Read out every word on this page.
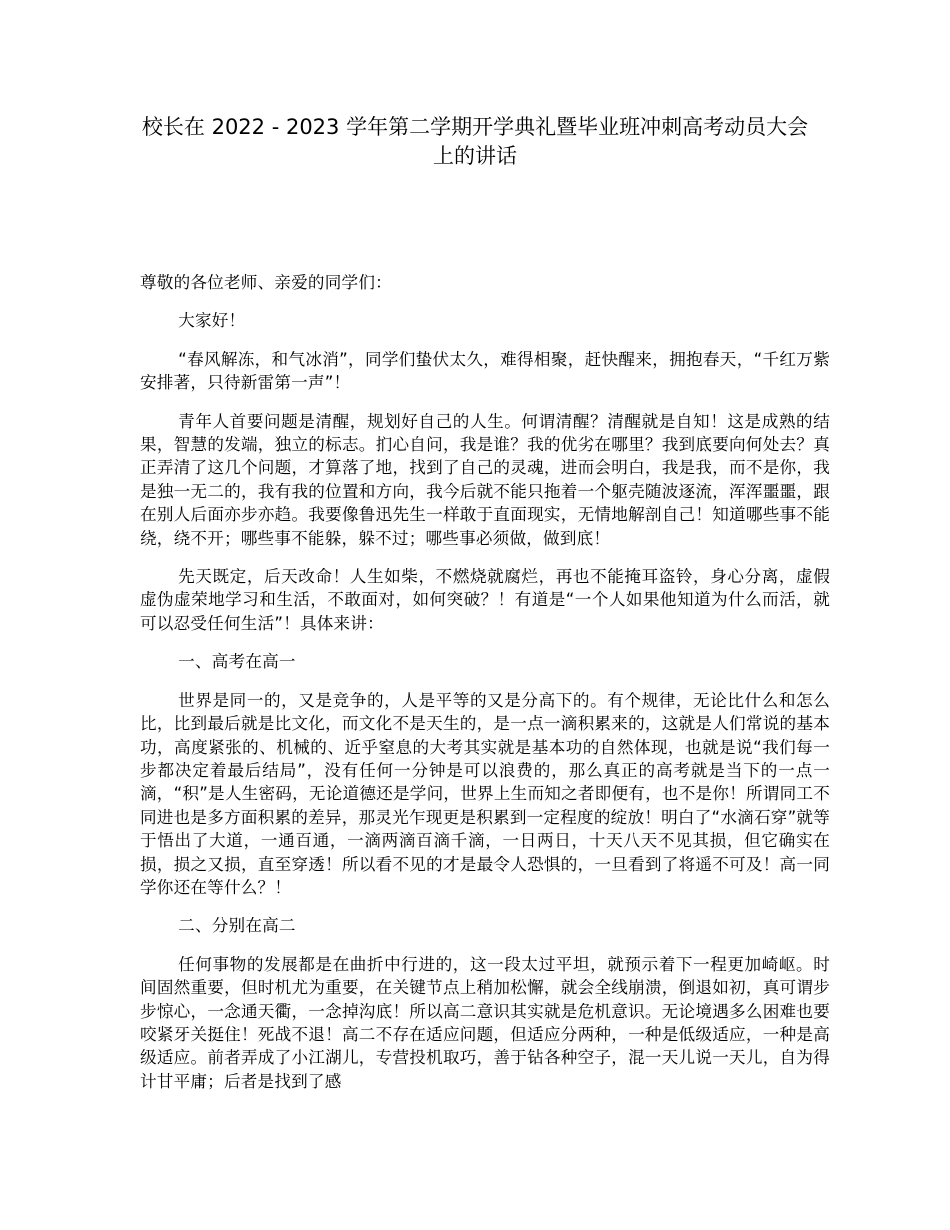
校长在 2022 - 2023 学年第二学期开学典礼暨毕业班冲刺高考动员大会上的讲话

尊敬的各位老师、亲爱的同学们：

大家好！

“春风解冻，和气冰消”，同学们蛰伏太久，难得相聚，赶快醒来，拥抱春天，“千红万紫安排著，只待新雷第一声”！

青年人首要问题是清醒，规划好自己的人生。何谓清醒？清醒就是自知！这是成熟的结果，智慧的发端，独立的标志。扪心自问，我是谁？我的优劣在哪里？我到底要向何处去？真正弄清了这几个问题，才算落了地，找到了自己的灵魂，进而会明白，我是我，而不是你，我是独一无二的，我有我的位置和方向，我今后就不能只拖着一个躯壳随波逐流，浑浑噩噩，跟在别人后面亦步亦趋。我要像鲁迅先生一样敢于直面现实，无情地解剖自己！知道哪些事不能绕，绕不开；哪些事不能躲，躲不过；哪些事必须做，做到底！

先天既定，后天改命！人生如柴，不燃烧就腐烂，再也不能掩耳盗铃，身心分离，虚假虚伪虚荣地学习和生活，不敢面对，如何突破？！有道是“一个人如果他知道为什么而活，就可以忍受任何生活”！具体来讲：

一、高考在高一

世界是同一的，又是竞争的，人是平等的又是分高下的。有个规律，无论比什么和怎么比，比到最后就是比文化，而文化不是天生的，是一点一滴积累来的，这就是人们常说的基本功，高度紧张的、机械的、近乎窒息的大考其实就是基本功的自然体现，也就是说“我们每一步都决定着最后结局”，没有任何一分钟是可以浪费的，那么真正的高考就是当下的一点一滴，“积”是人生密码，无论道德还是学问，世界上生而知之者即便有，也不是你！所谓同工不同进也是多方面积累的差异，那灵光乍现更是积累到一定程度的绽放！明白了“水滴石穿”就等于悟出了大道，一通百通，一滴两滴百滴千滴，一日两日，十天八天不见其损，但它确实在损，损之又损，直至穿透！所以看不见的才是最令人恐惧的，一旦看到了将遥不可及！高一同学你还在等什么？！

二、分别在高二

任何事物的发展都是在曲折中行进的，这一段太过平坦，就预示着下一程更加崎岖。时间固然重要，但时机尤为重要，在关键节点上稍加松懈，就会全线崩溃，倒退如初，真可谓步步惊心，一念通天衢，一念掉沟底！所以高二意识其实就是危机意识。无论境遇多么困难也要咬紧牙关挺住！死战不退！高二不存在适应问题，但适应分两种，一种是低级适应，一种是高级适应。前者弄成了小江湖儿，专营投机取巧，善于钻各种空子，混一天儿说一天儿，自为得计甘平庸；后者是找到了感
